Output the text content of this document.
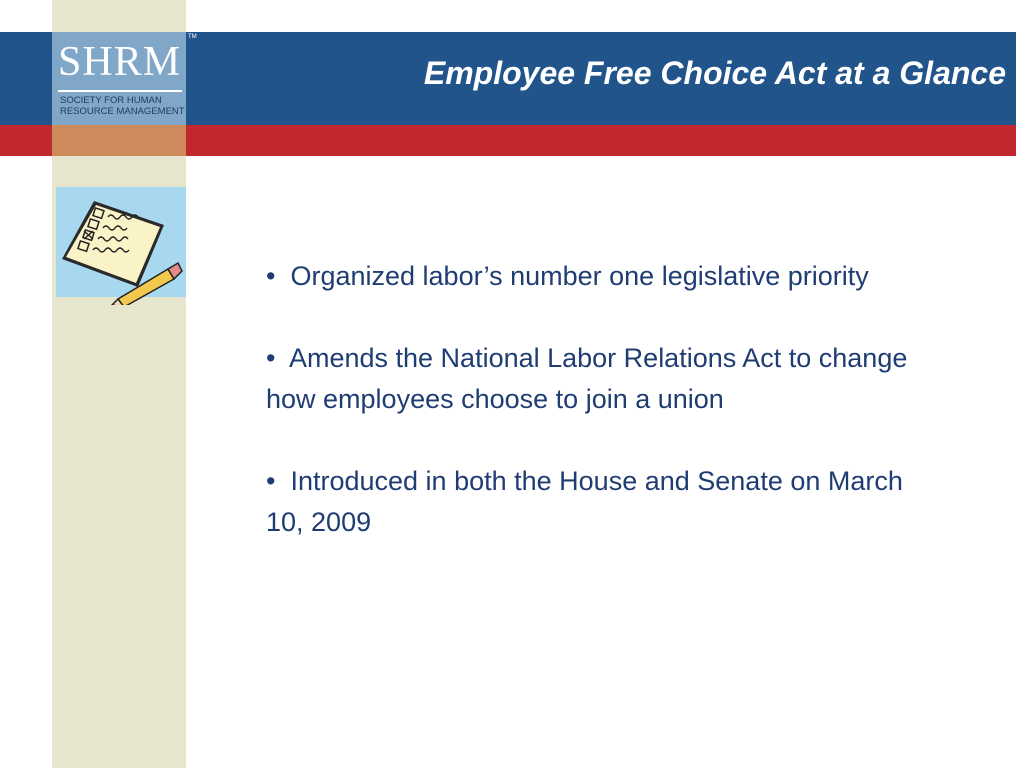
SHRM
SOCIETY FOR HUMAN
RESOURCE MANAGEMENT
TM
Employee Free Choice Act at a Glance
• Organized labor’s number one legislative priority
• Amends the National Labor Relations Act to change how employees choose to join a union
• Introduced in both the House and Senate on March 10, 2009
